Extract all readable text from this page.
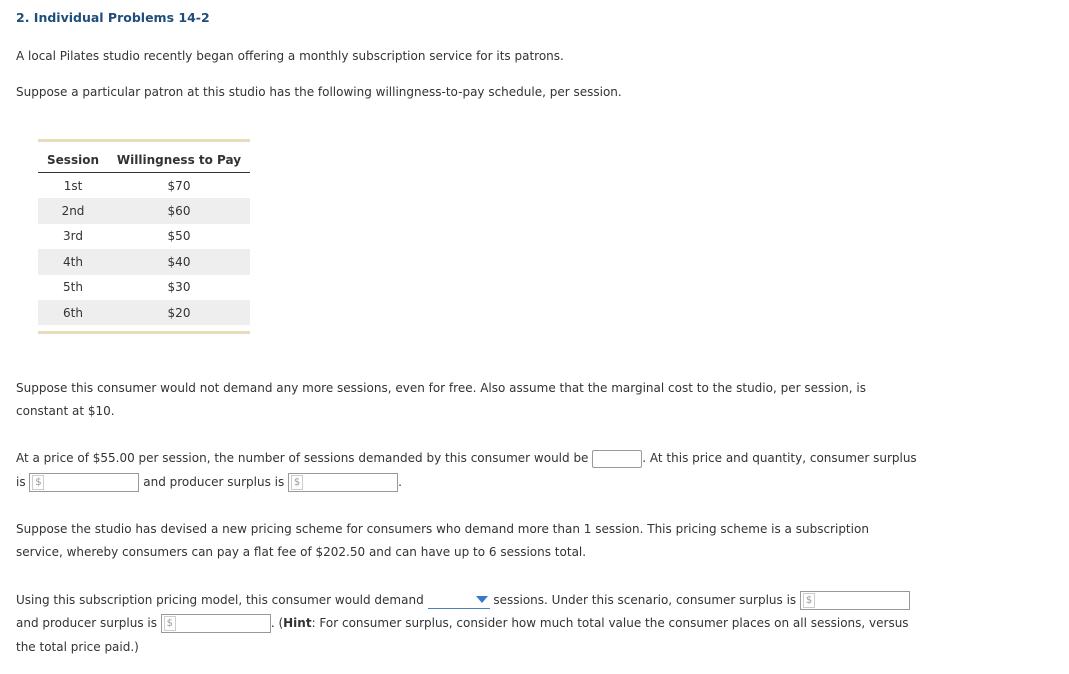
2. Individual Problems 14-2
A local Pilates studio recently began offering a monthly subscription service for its patrons.
Suppose a particular patron at this studio has the following willingness-to-pay schedule, per session.
Session	Willingness to Pay
1st	$70
2nd	$60
3rd	$50
4th	$40
5th	$30
6th	$20
Suppose this consumer would not demand any more sessions, even for free. Also assume that the marginal cost to the studio, per session, is constant at $10.
At a price of $55.00 per session, the number of sessions demanded by this consumer would be	. At this price and quantity, consumer surplus
is $	and producer surplus is $	.
Suppose the studio has devised a new pricing scheme for consumers who demand more than 1 session. This pricing scheme is a subscription service, whereby consumers can pay a flat fee of $202.50 and can have up to 6 sessions total.
Using this subscription pricing model, this consumer would demand	sessions. Under this scenario, consumer surplus is $
and producer surplus is $	. (Hint: For consumer surplus, consider how much total value the consumer places on all sessions, versus
the total price paid.)
